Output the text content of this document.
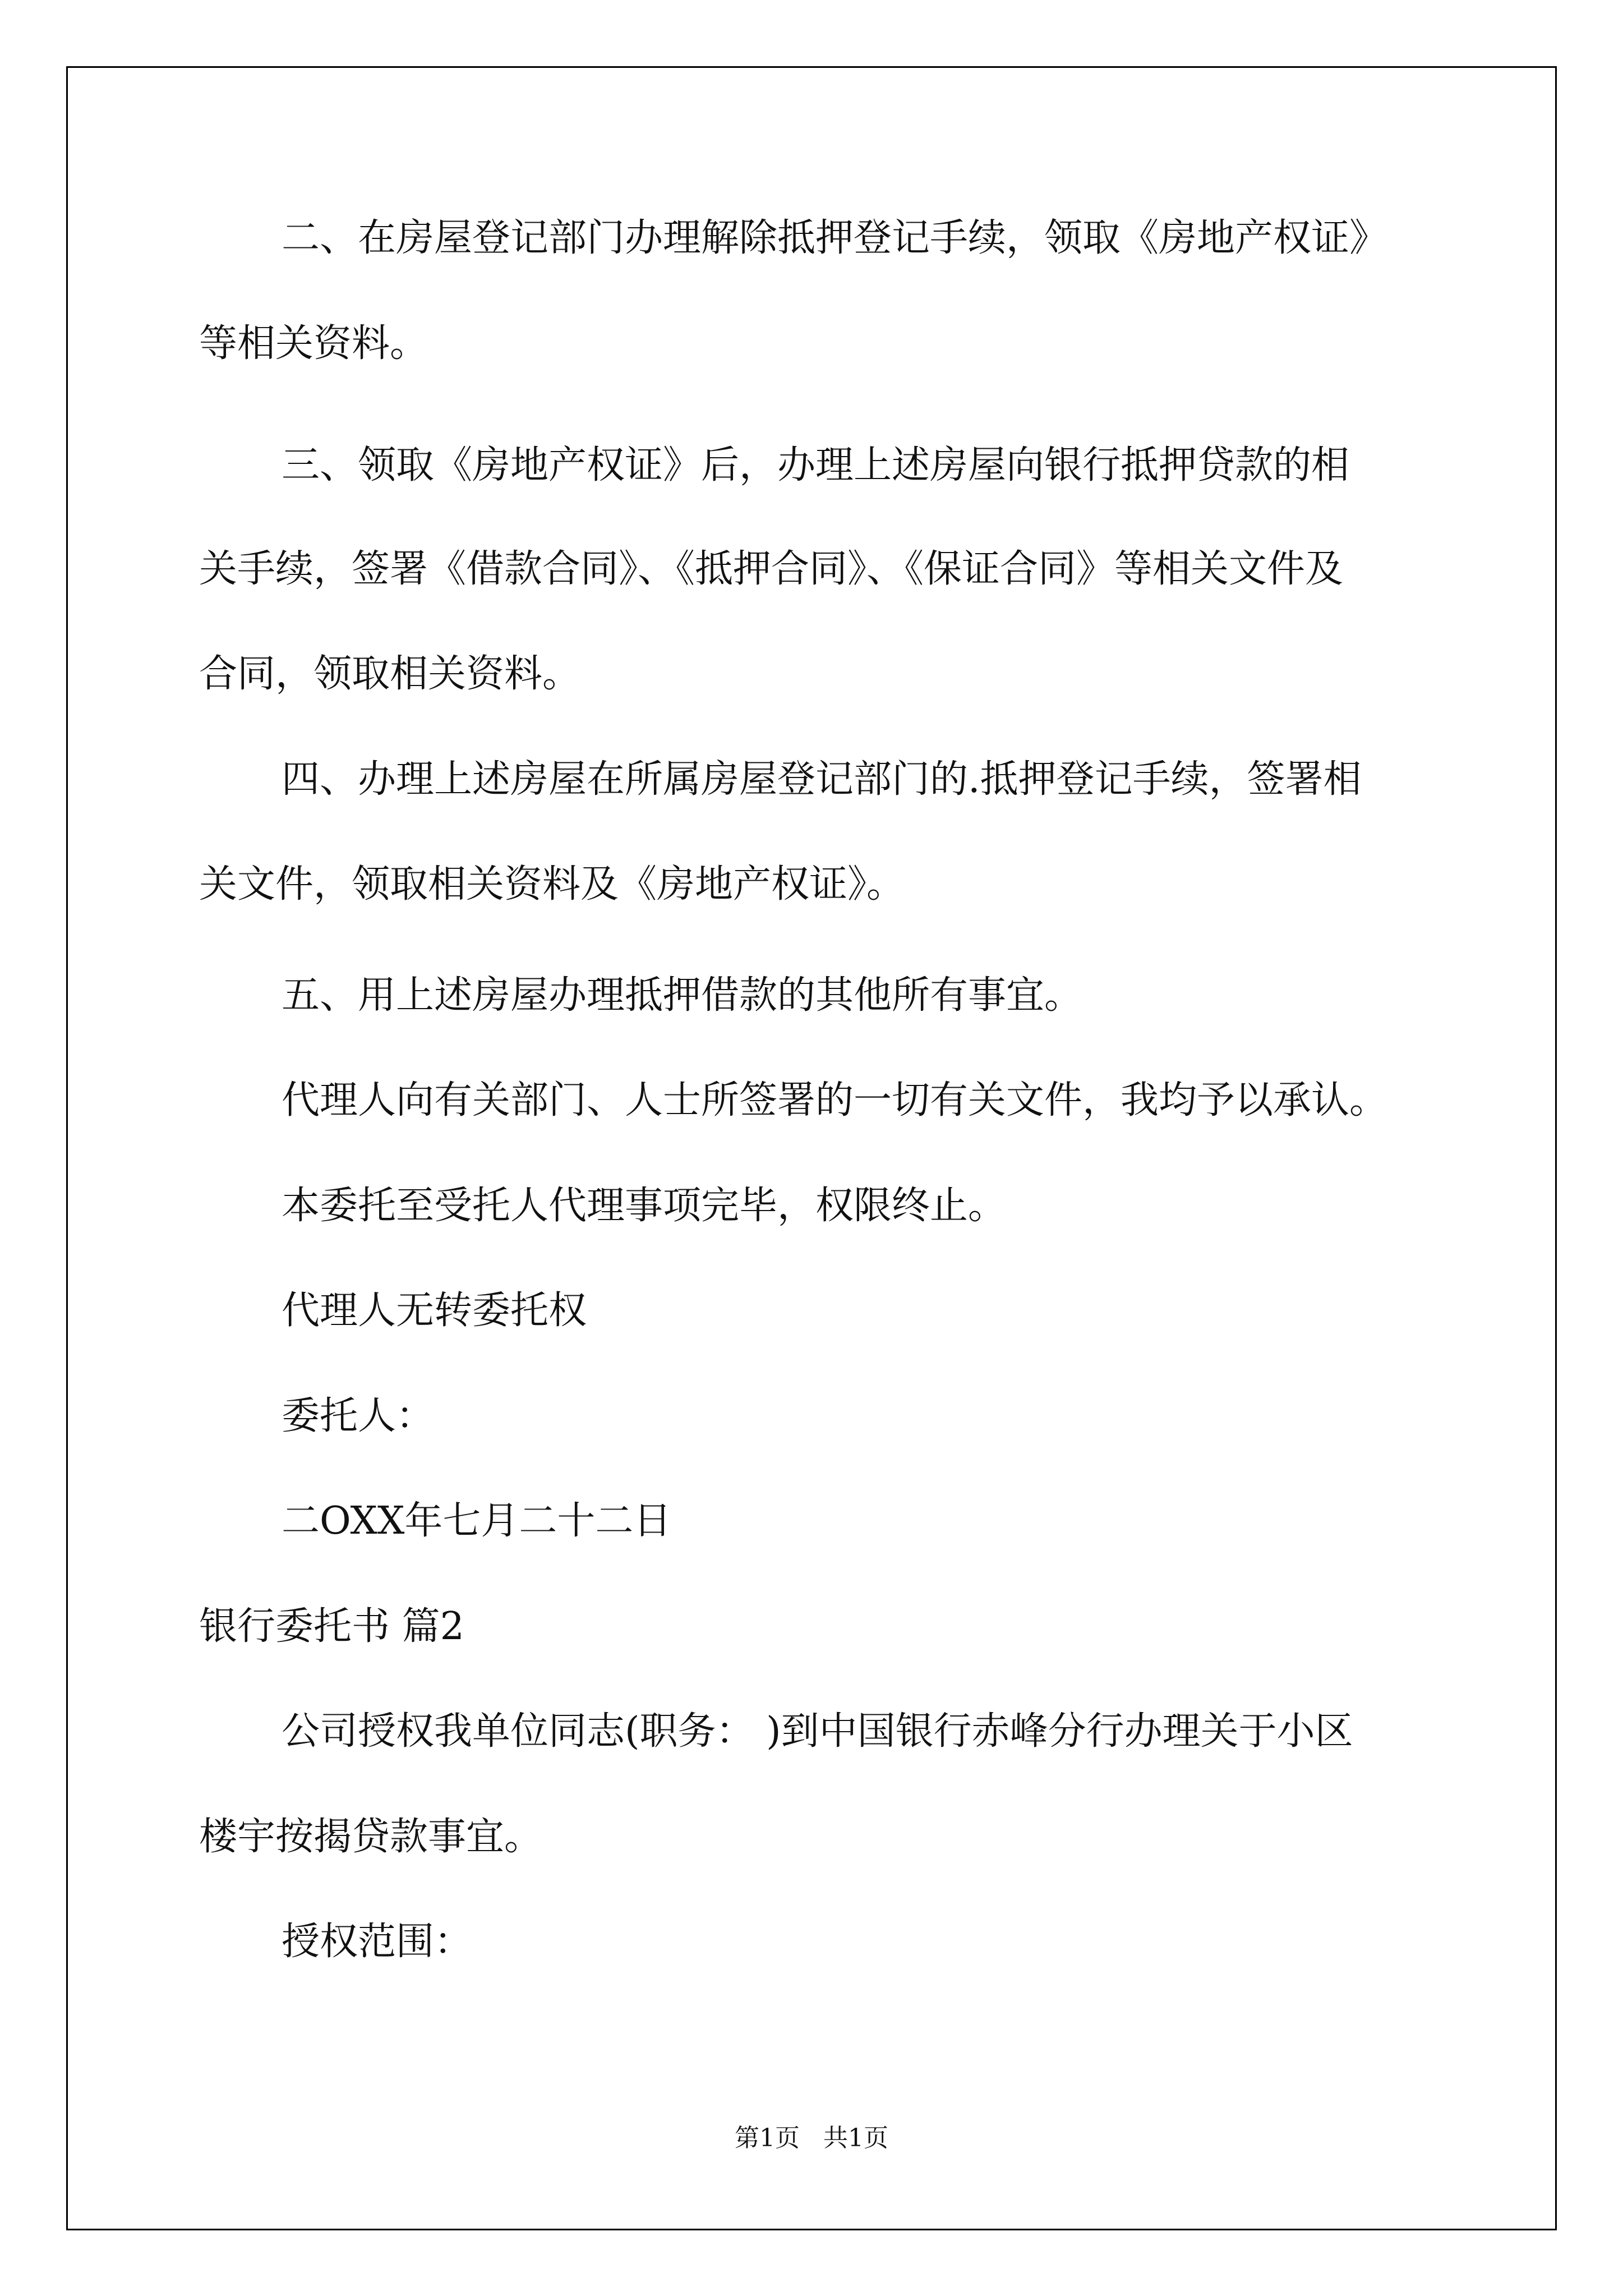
二、在房屋登记部门办理解除抵押登记手续，领取《房地产权证》
等相关资料。
三、领取《房地产权证》后，办理上述房屋向银行抵押贷款的相
关手续，签署《借款合同》、《抵押合同》、《保证合同》等相关文件及
合同，领取相关资料。
四、办理上述房屋在所属房屋登记部门的.抵押登记手续，签署相
关文件，领取相关资料及《房地产权证》。
五、用上述房屋办理抵押借款的其他所有事宜。
代理人向有关部门、人士所签署的一切有关文件，我均予以承认。
本委托至受托人代理事项完毕，权限终止。
代理人无转委托权
委托人：
二OXX年七月二十二日
银行委托书 篇2
公司授权我单位同志(职务： )到中国银行赤峰分行办理关于小区
楼宇按揭贷款事宜。
授权范围：
第1页   共1页
